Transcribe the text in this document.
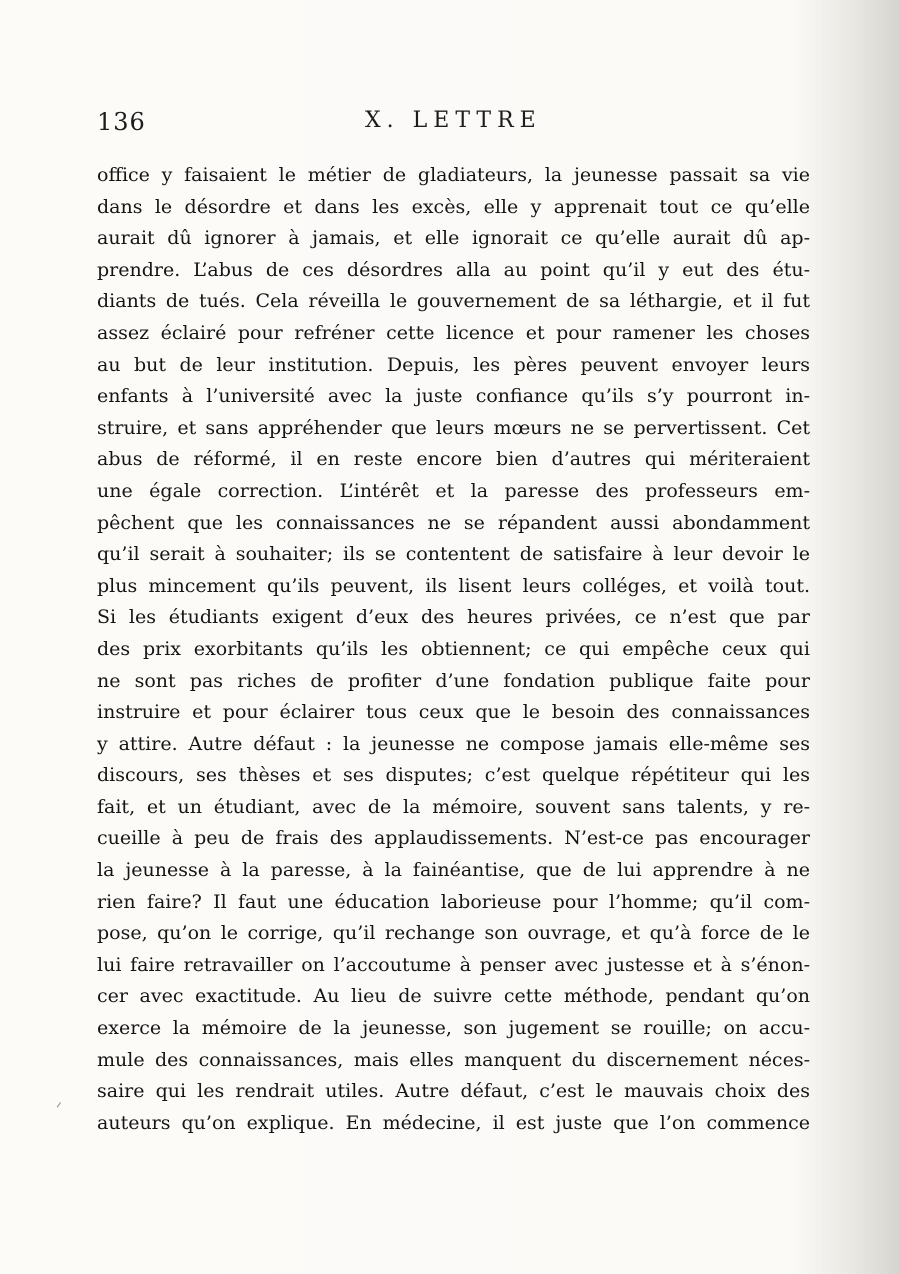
136	X. LETTRE
office y faisaient le métier de gladiateurs, la jeunesse passait sa vie
dans le désordre et dans les excès, elle y apprenait tout ce qu’elle
aurait dû ignorer à jamais, et elle ignorait ce qu’elle aurait dû ap-
prendre. L’abus de ces désordres alla au point qu’il y eut des étu-
diants de tués. Cela réveilla le gouvernement de sa léthargie, et il fut
assez éclairé pour refréner cette licence et pour ramener les choses
au but de leur institution. Depuis, les pères peuvent envoyer leurs
enfants à l’université avec la juste confiance qu’ils s’y pourront in-
struire, et sans appréhender que leurs mœurs ne se pervertissent. Cet
abus de réformé, il en reste encore bien d’autres qui mériteraient
une égale correction. L’intérêt et la paresse des professeurs em-
pêchent que les connaissances ne se répandent aussi abondamment
qu’il serait à souhaiter; ils se contentent de satisfaire à leur devoir le
plus mincement qu’ils peuvent, ils lisent leurs colléges, et voilà tout.
Si les étudiants exigent d’eux des heures privées, ce n’est que par
des prix exorbitants qu’ils les obtiennent; ce qui empêche ceux qui
ne sont pas riches de profiter d’une fondation publique faite pour
instruire et pour éclairer tous ceux que le besoin des connaissances
y attire. Autre défaut : la jeunesse ne compose jamais elle-même ses
discours, ses thèses et ses disputes; c’est quelque répétiteur qui les
fait, et un étudiant, avec de la mémoire, souvent sans talents, y re-
cueille à peu de frais des applaudissements. N’est-ce pas encourager
la jeunesse à la paresse, à la fainéantise, que de lui apprendre à ne
rien faire? Il faut une éducation laborieuse pour l’homme; qu’il com-
pose, qu’on le corrige, qu’il rechange son ouvrage, et qu’à force de le
lui faire retravailler on l’accoutume à penser avec justesse et à s’énon-
cer avec exactitude. Au lieu de suivre cette méthode, pendant qu’on
exerce la mémoire de la jeunesse, son jugement se rouille; on accu-
mule des connaissances, mais elles manquent du discernement néces-
saire qui les rendrait utiles. Autre défaut, c’est le mauvais choix des
auteurs qu’on explique. En médecine, il est juste que l’on commence
